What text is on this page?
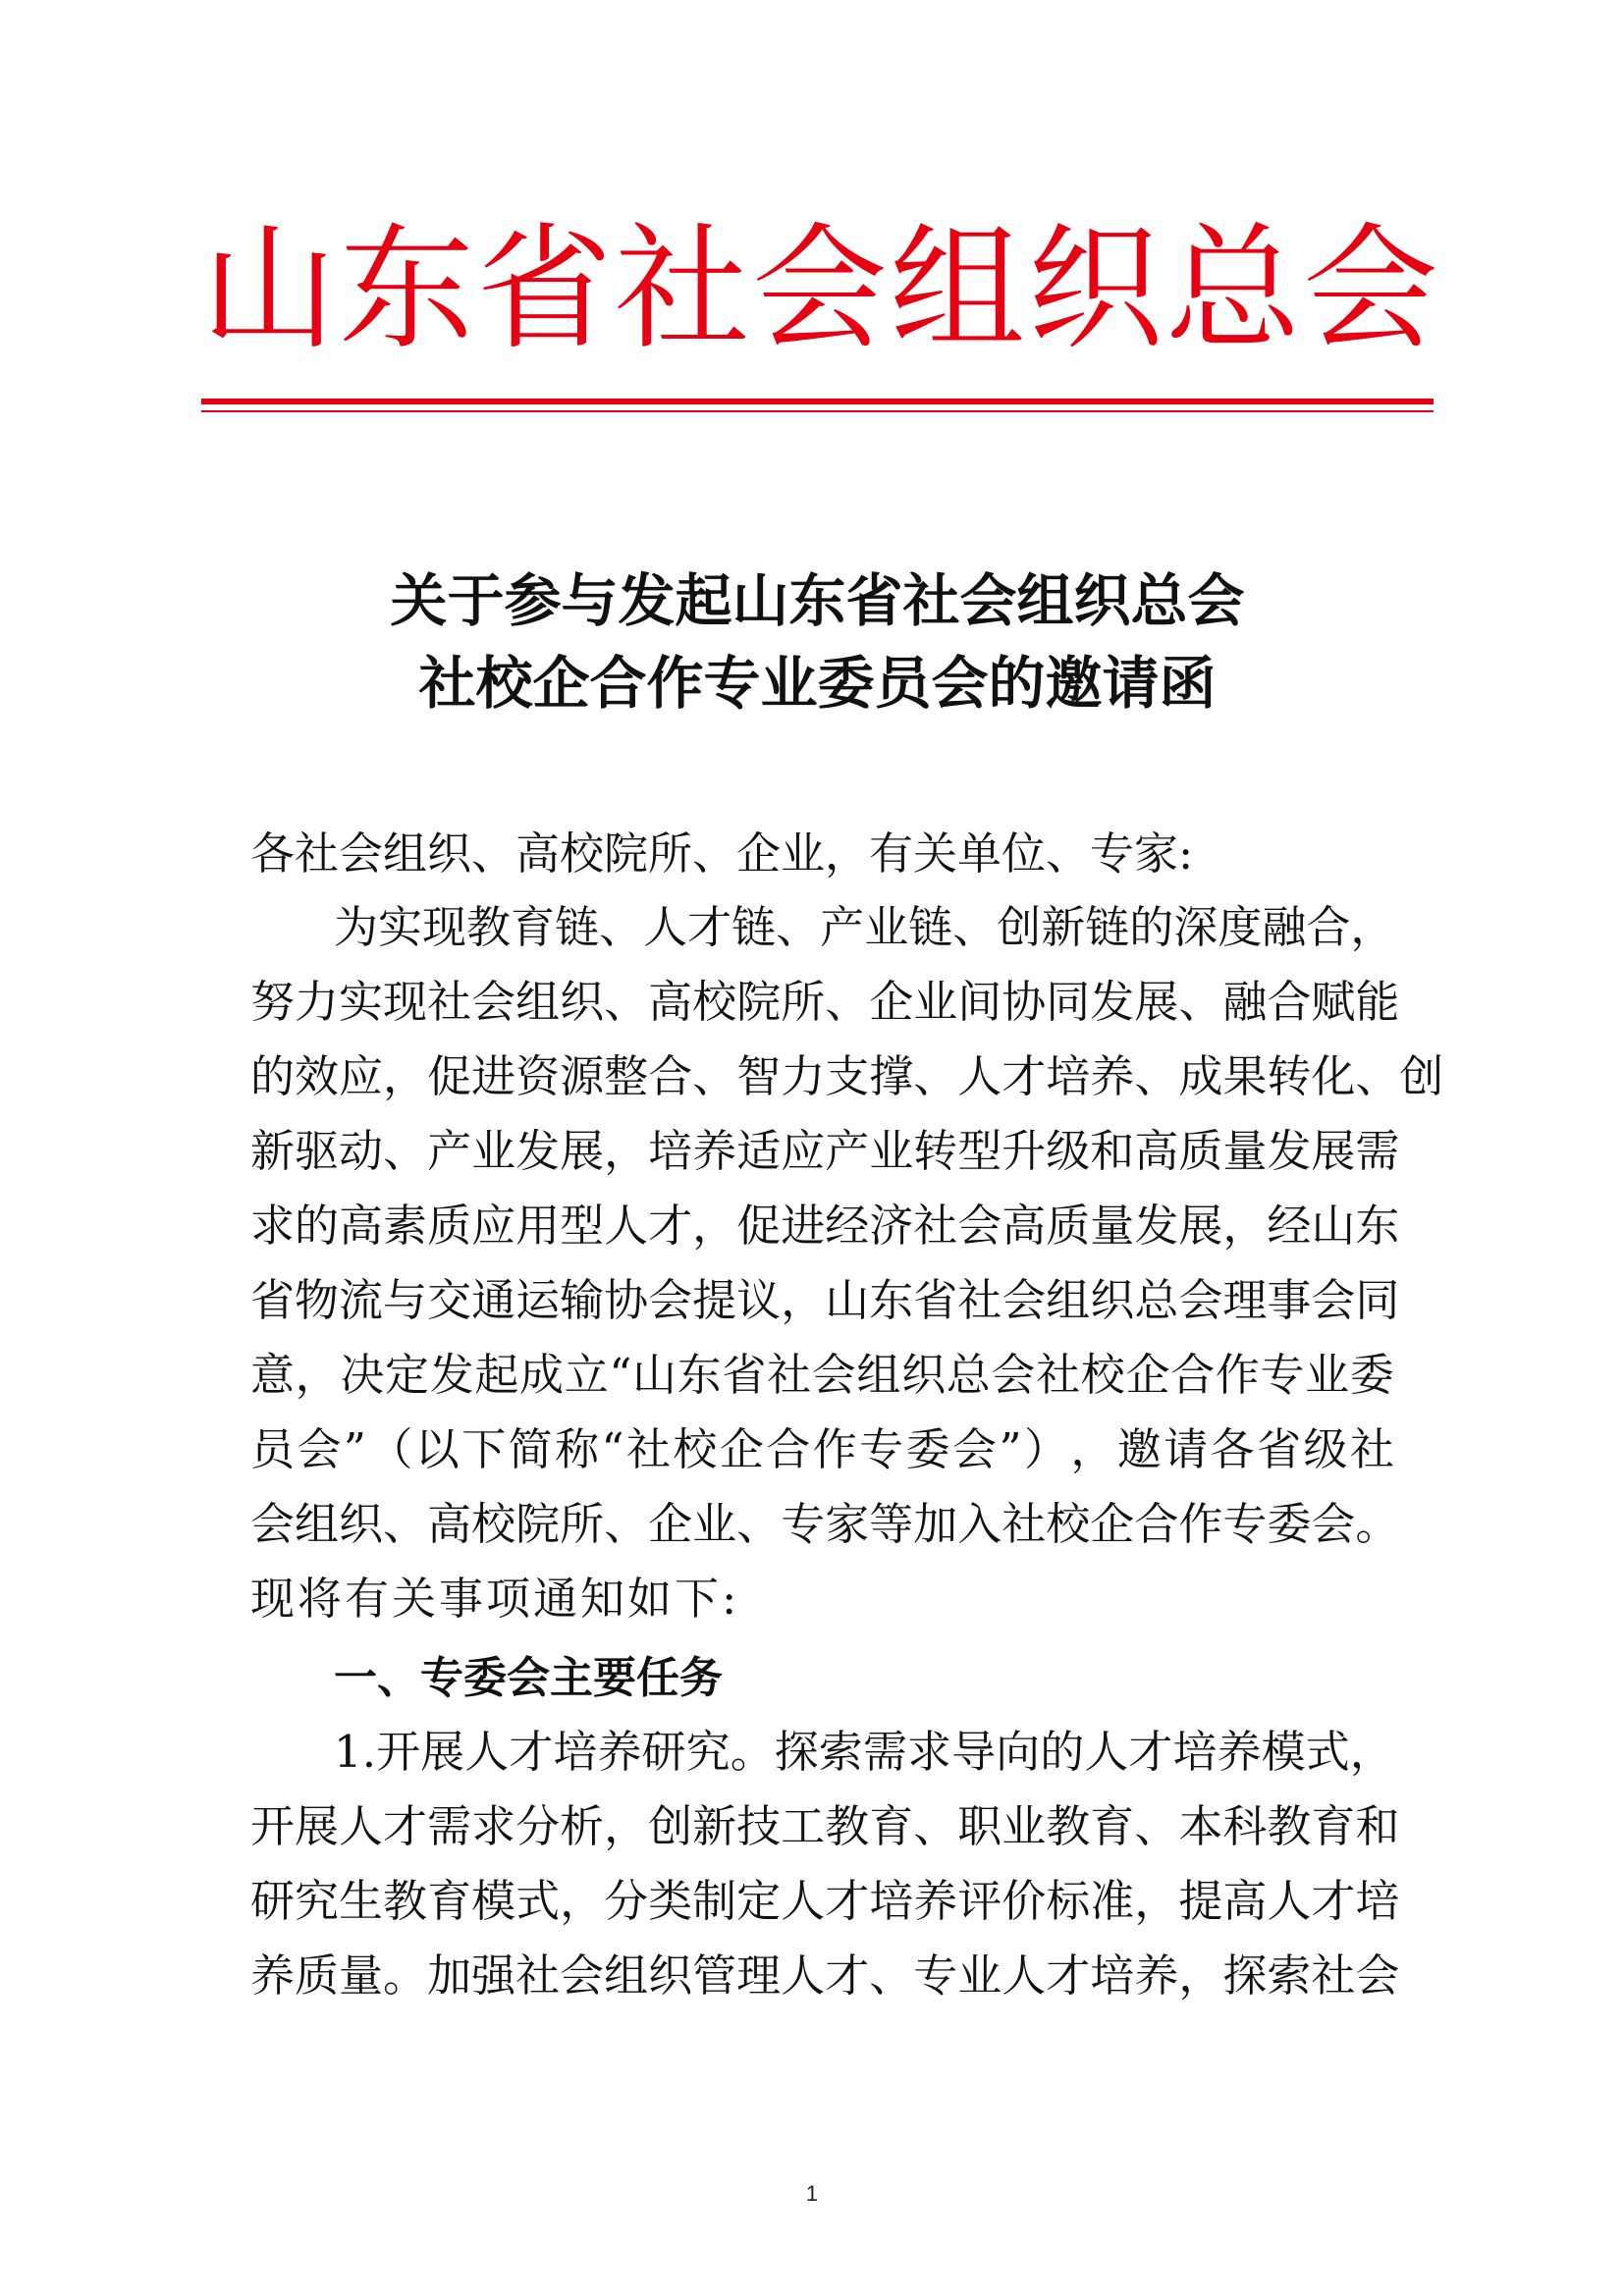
山 东 省 社 会 组 织 总 会
关于参与发起山东省社会组织总会
社校企合作专业委员会的邀请函

各社会组织、高校院所、企业，有关单位、专家:

为 实 现 教 育 链 、 人 才 链 、 产 业 链 、 创 新 链 的 深 度 融 合 ，

努 力 实 现 社 会 组 织 、 高 校 院 所 、 企 业 间 协 同 发 展 、 融 合 赋 能

的 效 应 ， 促 进 资 源 整 合 、 智 力 支 撑 、 人 才 培 养 、 成 果 转 化 、 创

新 驱 动 、 产 业 发 展 ， 培 养 适 应 产 业 转 型 升 级 和 高 质 量 发 展 需

求 的 高 素 质 应 用 型 人 才 ， 促 进 经 济 社 会 高 质 量 发 展 ， 经 山 东

省 物 流 与 交 通 运 输 协 会 提 议 ， 山 东 省 社 会 组 织 总 会 理 事 会 同

意 ， 决 定 发 起 成 立 “ 山 东 省 社 会 组 织 总 会 社 校 企 合 作 专 业 委

员 会 ” （ 以 下 简 称 “ 社 校 企 合 作 专 委 会 ” ） ， 邀 请 各 省 级 社

会 组 织 、 高 校 院 所 、 企 业 、 专 家 等 加 入 社 校 企 合 作 专 委 会 。

现将有关事项通知如下:

一、专委会主要任务

1 . 开 展 人 才 培 养 研 究 。 探 索 需 求 导 向 的 人 才 培 养 模 式 ，

开 展 人 才 需 求 分 析 ， 创 新 技 工 教 育 、 职 业 教 育 、 本 科 教 育 和

研 究 生 教 育 模 式 ， 分 类 制 定 人 才 培 养 评 价 标 准 ， 提 高 人 才 培

养 质 量 。 加 强 社 会 组 织 管 理 人 才 、 专 业 人 才 培 养 ， 探 索 社 会

1
